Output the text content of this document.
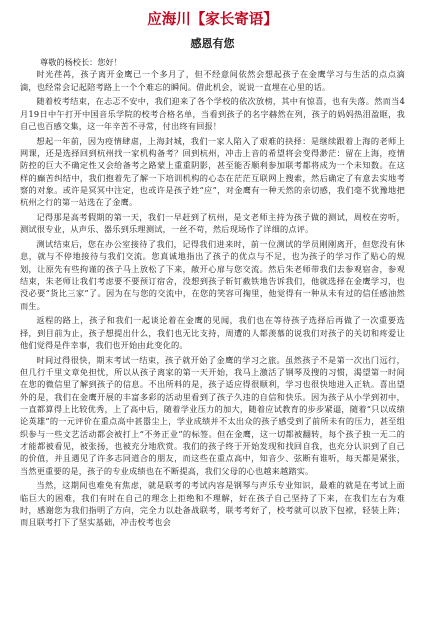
应海川【家长寄语】
感恩有您
尊敬的杨校长：您好！

时光荏苒，孩子离开金鹰已一个多月了，但不经意间依然会想起孩子在金鹰学习与生活的点点滴滴，也经常会记起陪考路上一个个难忘的瞬间。借此机会，说说一直埋在心里的话。

随着校考结束，在忐忑不安中，我们迎来了各个学校的依次放榜，其中有惊喜，也有失落。然而当4月19日中午打开中国音乐学院的校考合格名单，当看到孩子的名字赫然在列，孩子的妈妈热泪盈眶，我自己也百感交集，这一年辛苦不寻常，付出终有回报！

想起一年前，因为疫情肆虐，上海封城，我们一家人陷入了艰难的抉择：是继续跟着上海的老师上网课，还是选择回到杭州找一家机构备考？回到杭州，冲击上音的希望将会变得渺茫：留在上海，疫情防控的巨大不确定性又会给备考之路蒙上重重阴影，甚至能否顺利参加联考都将成为一个未知数。在这样的癫苦纠结中，我们抱着先了解一下培训机构的心态在茫茫互联网上搜索，然后确定了有意去实地考察的对象。或许是冥冥中注定，也或许是孩子姓“应”，对金鹰有一种天然的亲切感，我们毫不犹豫地把杭州之行的第一站选在了金鹰。

记得那是高考假期的第一天，我们一早赶到了杭州，是文老师主持为孩子做的测试，周校在旁听，测试很专业，从声乐、器乐到乐理测试，一丝不苟，然后现场作了详细的点评。

测试结束后，您在办公室接待了我们，记得我们进来时，前一位测试的学员刚刚离开，但您没有休息，就与不停地接待与我们交流。您真诚地指出了孩子的优点与不足，也为孩子的学习作了贴心的规划，让原先有些拘谨的孩子马上放松了下来，敞开心扉与您交流。然后朱老师带我们去参观宿舍，参观结束，朱老师让我们考虑要不要预订宿舍，没想到孩子斩钉截铁地告诉我们，他就选择在金鹰学习，也没必要“货比三家”了。因为在与您的交流中，在您的笑容可掬里，他觉得有一种从未有过的信任感油然而生。

返程的路上，孩子和我们一起谈论着在金鹰的见闻，我们也在等待孩子选择后再做了一次重要选择，到目前为止，孩子想提出什么，我们也无比支持，周遭的人都羡慕的说我们对孩子的关切和疼爱让他们觉得是件幸事，我们也开始由此变化的。

时间过得很快，期末考试一结束，孩子就开始了金鹰的学习之旅。虽然孩子不是第一次出门远行，但几行千里文章免担忧，所以从孩子离家的第一天开始，我马上激活了钢琴及搜的习惯，渴望第一时间在您的微信里了解到孩子的信息。不出所料的是，孩子适应得很顺利，学习也很快地进入正轨。喜出望外的是，我们在金鹰开展的丰富多彩的活动里看到了孩子久违的自信和快乐。因为孩子从小学到初中，一直都算得上比较优秀，上了高中后，随着学业压力的加大，随着应试教育的步步紧逼，随着“只以成绩论英雄”的一元评价在重点高中甚嚣尘上，学业成绩并不太出众的孩子感受到了前所未有的压力，甚至组织参与一些文艺活动都会被打上“不务正业”的标签。但在金鹰，这一切都被翻转，每个孩子独一无二的才能都被看见，被张扬，也被充分地欣赏。我们的孩子终于开始发现和找回自我，也充分认识到了自己的价值，并且遇见了许多志同道合的朋友，而这些在重点高中，知音少、弦断有谁听，每天都是紧张，当然更重要的是，孩子的专业成绩也在不断提高，我们父母的心也越来越踏实。

当然，这期间也难免有焦虑，就是联考的考试内容是钢琴与声乐专业知识，最难的就是在考试上面临巨大的困难，我们有时在自己的理念上拒绝和不理解，好在孩子自己坚持了下来，在我们左右为难时，感谢您为我们指明了方向，完全力以赴备战联考，联考考好了，校考就可以放下包袱，轻装上阵；而且联考打下了坚实基础，冲击校考也会
